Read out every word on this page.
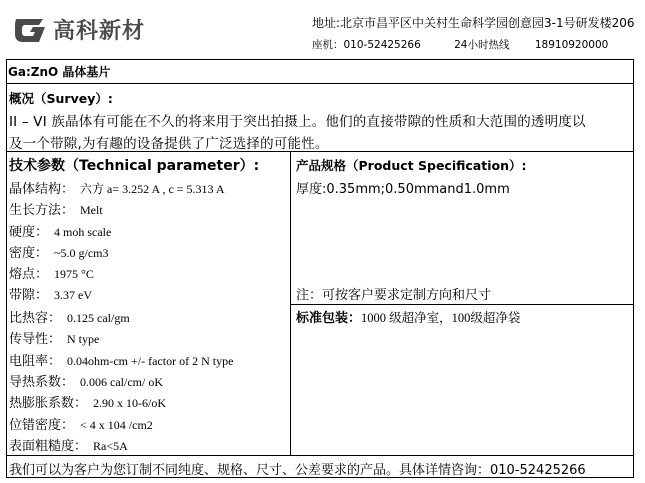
高科新材	地址:北京市昌平区中关村生命科学园创意园3-1号研发楼206
座机：010-52425266	24小时热线 18910920000
Ga:ZnO 晶体基片
概况（Survey）:
II – VI 族晶体有可能在不久的将来用于突出拍摄上。他们的直接带隙的性质和大范围的透明度以
及一个带隙,为有趣的设备提供了广泛选择的可能性。
技术参数（Technical parameter）:
晶体结构： 六方 a= 3.252 A , c = 5.313 A
生长方法： Melt
硬度： 4 moh scale
密度： ~5.0 g/cm3
熔点： 1975 °C
带隙： 3.37 eV
比热容： 0.125 cal/gm
传导性： N type
电阻率： 0.04ohm-cm +/- factor of 2 N type
导热系数： 0.006 cal/cm/ oK
热膨胀系数： 2.90 x 10-6/oK
位错密度： < 4 x 104 /cm2
表面粗糙度： Ra<5A
产品规格（Product Specification）:
厚度:0.35mm;0.50mmand1.0mm
注：可按客户要求定制方向和尺寸
标准包装：1000 级超净室，100级超净袋
我们可以为客户为您订制不同纯度、规格、尺寸、公差要求的产品。具体详情咨询：010-52425266
